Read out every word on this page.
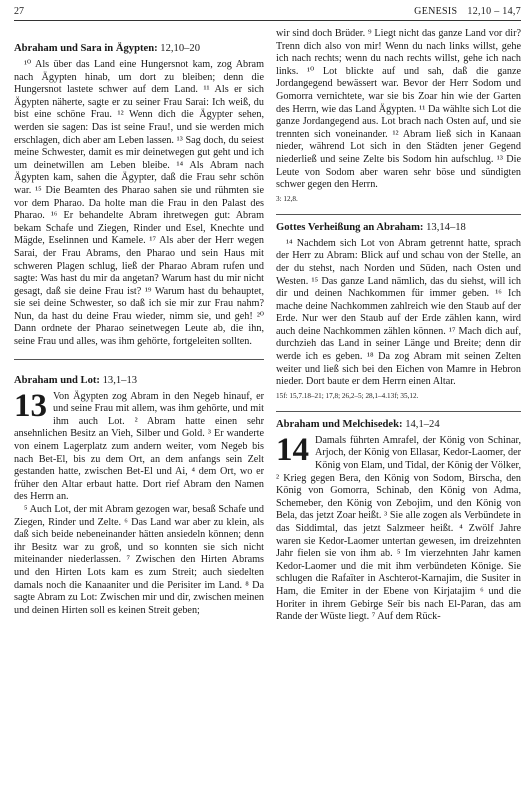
27	GENESIS 12,10 – 14,7
Abraham und Sara in Ägypten: 12,10–20

¹⁰ Als über das Land eine Hungersnot kam, zog Abram nach Ägypten hinab, um dort zu bleiben; denn die Hungersnot lastete schwer auf dem Land. ¹¹ Als er sich Ägypten näherte, sagte er zu seiner Frau Sarai: Ich weiß, du bist eine schöne Frau. ¹² Wenn dich die Ägypter sehen, werden sie sagen: Das ist seine Frau!, und sie werden mich erschlagen, dich aber am Leben lassen. ¹³ Sag doch, du seiest meine Schwester, damit es mir deinetwegen gut geht und ich um deinetwillen am Leben bleibe. ¹⁴ Als Abram nach Ägypten kam, sahen die Ägypter, daß die Frau sehr schön war. ¹⁵ Die Beamten des Pharao sahen sie und rühmten sie vor dem Pharao. Da holte man die Frau in den Palast des Pharao. ¹⁶ Er behandelte Abram ihretwegen gut: Abram bekam Schafe und Ziegen, Rinder und Esel, Knechte und Mägde, Eselinnen und Kamele. ¹⁷ Als aber der Herr wegen Sarai, der Frau Abrams, den Pharao und sein Haus mit schweren Plagen schlug, ließ der Pharao Abram rufen und sagte: Was hast du mir da angetan? Warum hast du mir nicht gesagt, daß sie deine Frau ist? ¹⁹ Warum hast du behauptet, sie sei deine Schwester, so daß ich sie mir zur Frau nahm? Nun, da hast du deine Frau wieder, nimm sie, und geh! ²⁰ Dann ordnete der Pharao seinetwegen Leute ab, die ihn, seine Frau und alles, was ihm gehörte, fortgeleiten sollten.

Abraham und Lot: 13,1–13

13 Von Ägypten zog Abram in den Negeb hinauf, er und seine Frau mit allem, was ihm gehörte, und mit ihm auch Lot. ² Abram hatte einen sehr ansehnlichen Besitz an Vieh, Silber und Gold. ³ Er wanderte von einem Lagerplatz zum andern weiter, vom Negeb bis nach Bet-El, bis zu dem Ort, an dem anfangs sein Zelt gestanden hatte, zwischen Bet-El und Ai, ⁴ dem Ort, wo er früher den Altar erbaut hatte. Dort rief Abram den Namen des Herrn an.

⁵ Auch Lot, der mit Abram gezogen war, besaß Schafe und Ziegen, Rinder und Zelte. ⁶ Das Land war aber zu klein, als daß sich beide nebeneinander hätten ansiedeln können; denn ihr Besitz war zu groß, und so konnten sie sich nicht miteinander niederlassen. ⁷ Zwischen den Hirten Abrams und den Hirten Lots kam es zum Streit; auch siedelten damals noch die Kanaaniter und die Perisiter im Land. ⁸ Da sagte Abram zu Lot: Zwischen mir und dir, zwischen meinen und deinen Hirten soll es keinen Streit geben;

wir sind doch Brüder. ⁹ Liegt nicht das ganze Land vor dir? Trenn dich also von mir! Wenn du nach links willst, gehe ich nach rechts; wenn du nach rechts willst, gehe ich nach links. ¹⁰ Lot blickte auf und sah, daß die ganze Jordangegend bewässert war. Bevor der Herr Sodom und Gomorra vernichtete, war sie bis Zoar hin wie der Garten des Herrn, wie das Land Ägypten. ¹¹ Da wählte sich Lot die ganze Jordangegend aus. Lot brach nach Osten auf, und sie trennten sich voneinander. ¹² Abram ließ sich in Kanaan nieder, während Lot sich in den Städten jener Gegend niederließ und seine Zelte bis Sodom hin aufschlug. ¹³ Die Leute von Sodom aber waren sehr böse und sündigten schwer gegen den Herrn.

3: 12,8.
Gottes Verheißung an Abraham: 13,14–18

¹⁴ Nachdem sich Lot von Abram getrennt hatte, sprach der Herr zu Abram: Blick auf und schau von der Stelle, an der du stehst, nach Norden und Süden, nach Osten und Westen. ¹⁵ Das ganze Land nämlich, das du siehst, will ich dir und deinen Nachkommen für immer geben. ¹⁶ Ich mache deine Nachkommen zahlreich wie den Staub auf der Erde. Nur wer den Staub auf der Erde zählen kann, wird auch deine Nachkommen zählen können. ¹⁷ Mach dich auf, durchzieh das Land in seiner Länge und Breite; denn dir werde ich es geben. ¹⁸ Da zog Abram mit seinen Zelten weiter und ließ sich bei den Eichen von Mamre in Hebron nieder. Dort baute er dem Herrn einen Altar.

15f: 15,7.18–21; 17,8; 26,2–5; 28,1–4.13f; 35,12.
Abraham und Melchisedek: 14,1–24

14 Damals führten Amrafel, der König von Schinar, Arjoch, der König von Ellasar, Kedor-Laomer, der König von Elam, und Tidal, der König der Völker, ² Krieg gegen Bera, den König von Sodom, Birscha, den König von Gomorra, Schinab, den König von Adma, Schemeber, den König von Zebojim, und den König von Bela, das jetzt Zoar heißt. ³ Sie alle zogen als Verbündete in das Siddimtal, das jetzt Salzmeer heißt. ⁴ Zwölf Jahre waren sie Kedor-Laomer untertan gewesen, im dreizehnten Jahr fielen sie von ihm ab. ⁵ Im vierzehnten Jahr kamen Kedor-Laomer und die mit ihm verbündeten Könige. Sie schlugen die Rafaïter in Aschterot-Karnajim, die Susiter in Ham, die Emiter in der Ebene von Kirjatajim ⁶ und die Horiter in ihrem Gebirge Seïr bis nach El-Paran, das am Rande der Wüste liegt. ⁷ Auf dem Rück-
